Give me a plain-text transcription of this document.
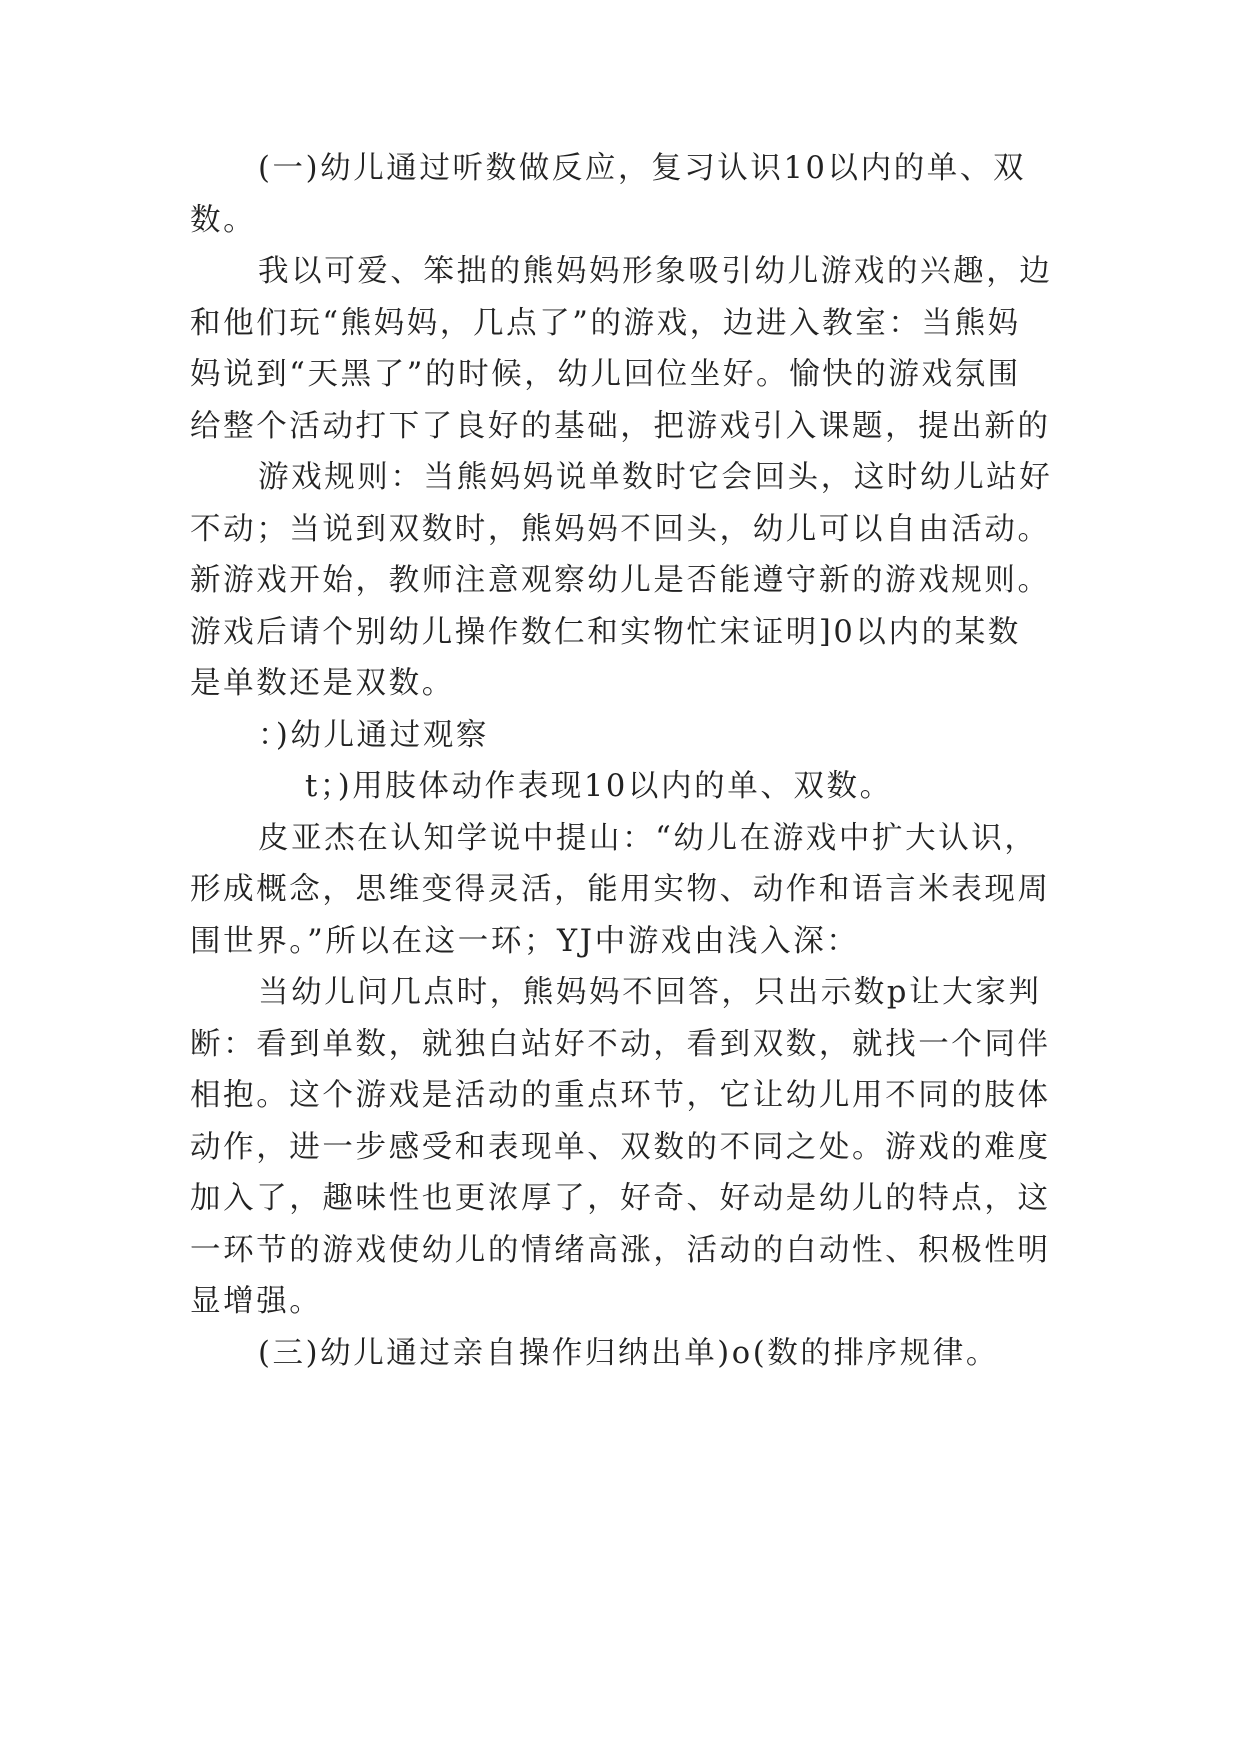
(一)幼儿通过听数做反应，复习认识10以内的单、双
数。
我以可爱、笨拙的熊妈妈形象吸引幼儿游戏的兴趣，边
和他们玩“熊妈妈，几点了”的游戏，边进入教室：当熊妈
妈说到“天黑了”的时候，幼儿回位坐好。愉快的游戏氛围
给整个活动打下了良好的基础，把游戏引入课题，提出新的
游戏规则：当熊妈妈说单数时它会回头，这时幼儿站好
不动；当说到双数时，熊妈妈不回头，幼儿可以自由活动。
新游戏开始，教师注意观察幼儿是否能遵守新的游戏规则。
游戏后请个别幼儿操作数仁和实物忙宋证明]0以内的某数
是单数还是双数。
：)幼儿通过观察
t；)用肢体动作表现10以内的单、双数。
皮亚杰在认知学说中提山：“幼儿在游戏中扩大认识，
形成概念，思维变得灵活，能用实物、动作和语言米表现周
围世界。”所以在这一环；YJ中游戏由浅入深：
当幼儿问几点时，熊妈妈不回答，只出示数p让大家判
断：看到单数，就独白站好不动，看到双数，就找一个同伴
相抱。这个游戏是活动的重点环节，它让幼儿用不同的肢体
动作，进一步感受和表现单、双数的不同之处。游戏的难度
加入了，趣味性也更浓厚了，好奇、好动是幼儿的特点，这
一环节的游戏使幼儿的情绪高涨，活动的白动性、积极性明
显增强。
(三)幼儿通过亲自操作归纳出单)o(数的排序规律。
